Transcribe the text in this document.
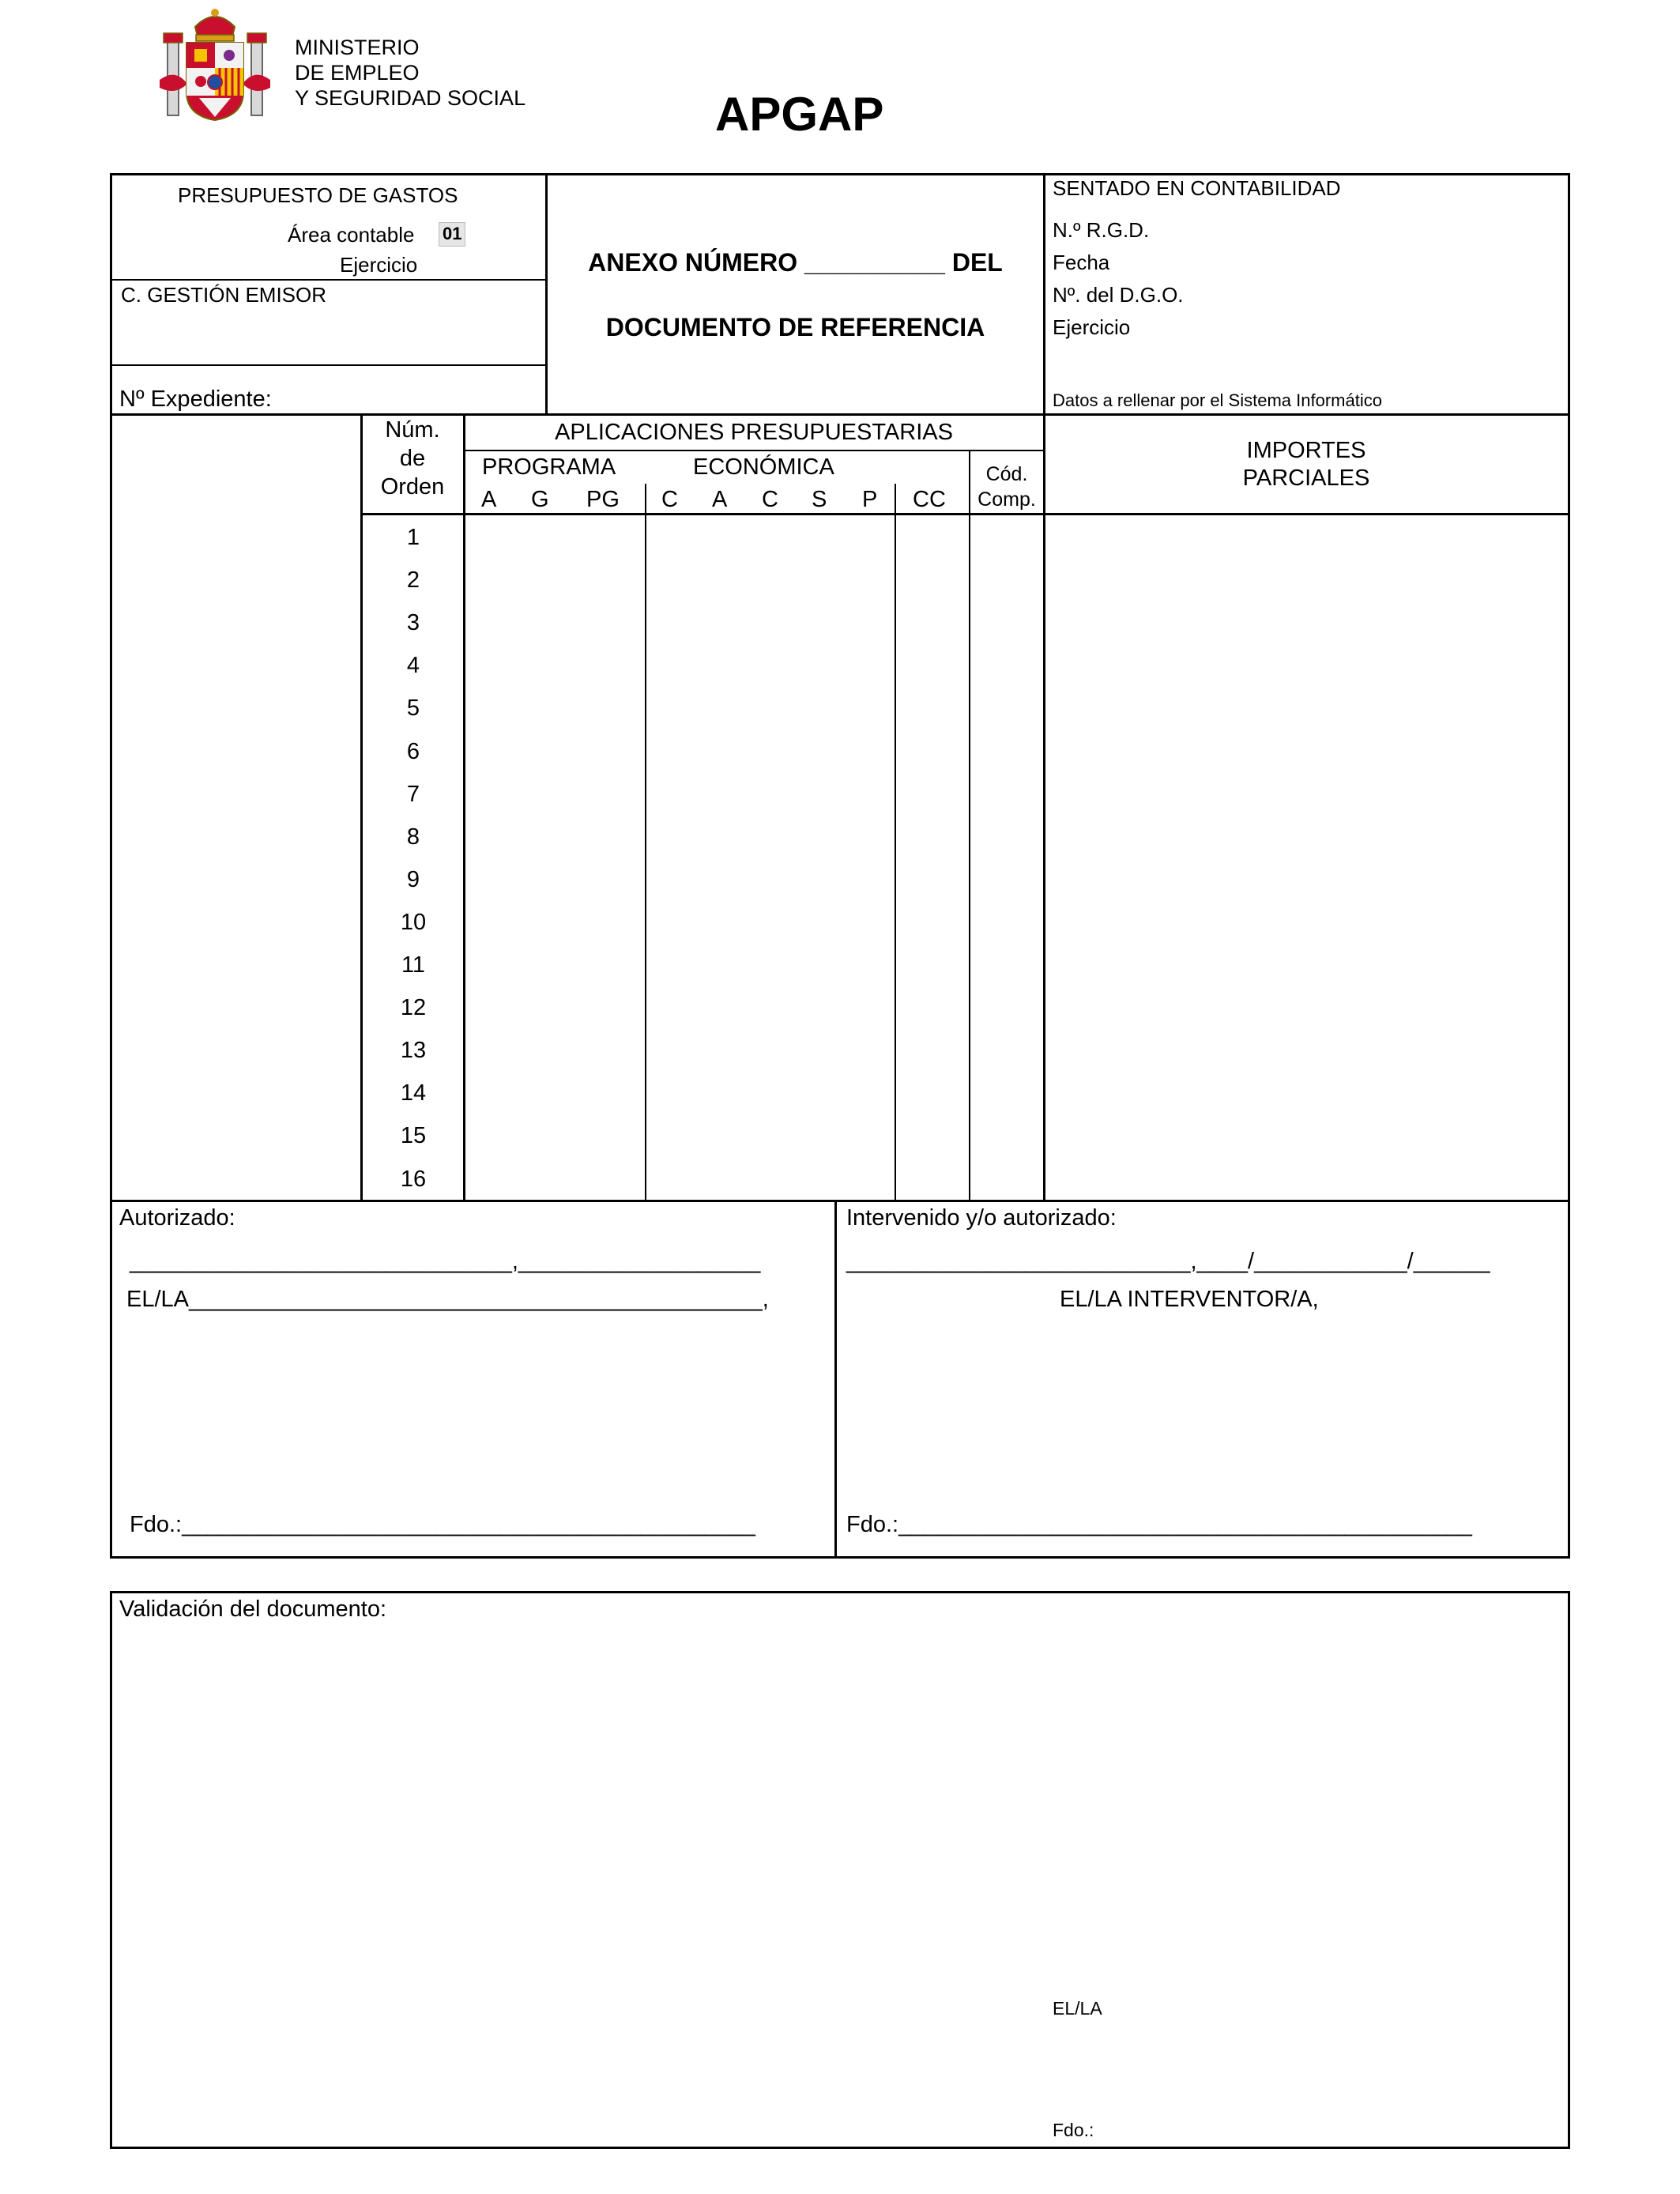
MINISTERIO
DE EMPLEO
Y SEGURIDAD SOCIAL	APGAP
PRESUPUESTO DE GASTOS
Área contable 01
Ejercicio
C. GESTIÓN EMISOR
Nº Expediente:
ANEXO NÚMERO __________ DEL
DOCUMENTO DE REFERENCIA
SENTADO EN CONTABILIDAD
N.º R.G.D.
Fecha
Nº. del D.G.O.
Ejercicio
Datos a rellenar por el Sistema Informático
Núm.
de
Orden
APLICACIONES PRESUPUESTARIAS
PROGRAMA	ECONÓMICA	Cód.
Comp.
A G PG C A C S P CC
IMPORTES
PARCIALES
1
2
3
4
5
6
7
8
9
10
11
12
13
14
15
16
Autorizado:
______________________________,___________________
EL/LA_____________________________________________,
Fdo.:_____________________________________________
Intervenido y/o autorizado:
___________________________,____/____________/______
EL/LA INTERVENTOR/A,
Fdo.:_____________________________________________
Validación del documento:
EL/LA
Fdo.:
